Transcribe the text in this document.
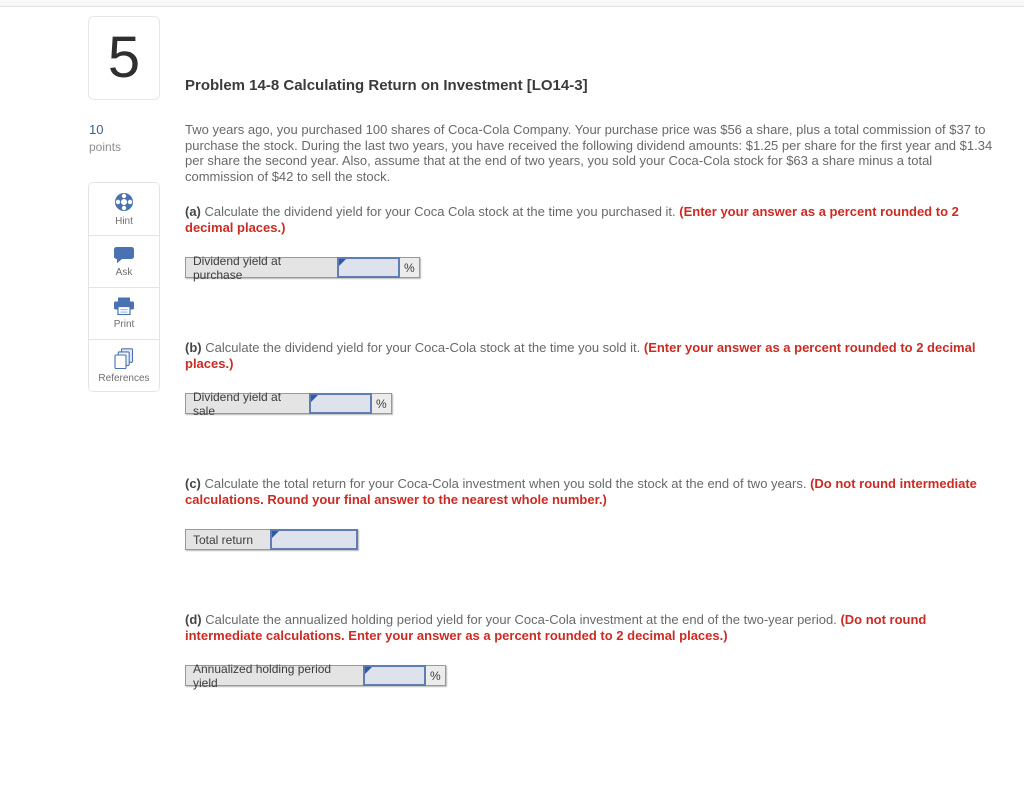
5
10
points
Hint
Ask
Print
References
Problem 14-8 Calculating Return on Investment [LO14-3]
Two years ago, you purchased 100 shares of Coca-Cola Company. Your purchase price was $56 a share, plus a total commission of $37 to purchase the stock. During the last two years, you have received the following dividend amounts: $1.25 per share for the first year and $1.34 per share the second year. Also, assume that at the end of two years, you sold your Coca-Cola stock for $63 a share minus a total commission of $42 to sell the stock.
(a) Calculate the dividend yield for your Coca Cola stock at the time you purchased it. (Enter your answer as a percent rounded to 2 decimal places.)
Dividend yield at purchase	%
(b) Calculate the dividend yield for your Coca-Cola stock at the time you sold it. (Enter your answer as a percent rounded to 2 decimal places.)
Dividend yield at sale	%
(c) Calculate the total return for your Coca-Cola investment when you sold the stock at the end of two years. (Do not round intermediate calculations. Round your final answer to the nearest whole number.)
Total return
(d) Calculate the annualized holding period yield for your Coca-Cola investment at the end of the two-year period. (Do not round intermediate calculations. Enter your answer as a percent rounded to 2 decimal places.)
Annualized holding period yield	%
